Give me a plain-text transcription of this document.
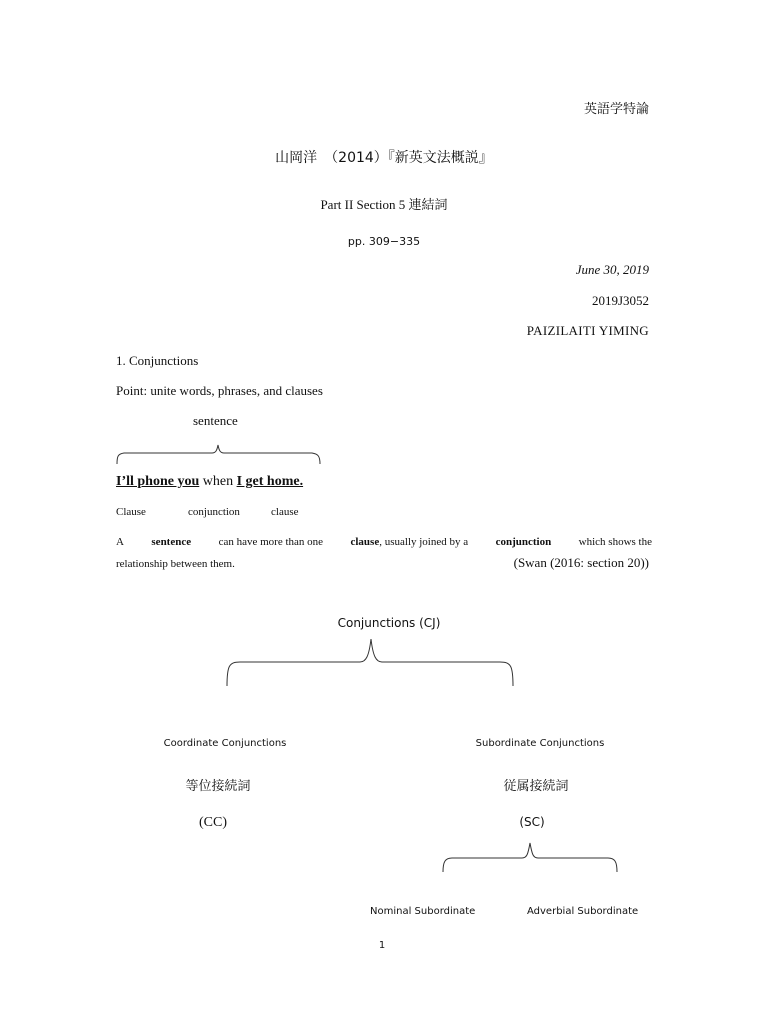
英語学特論
山岡洋　（2014）『新英文法概説』
Part II Section 5 連結詞
pp. 309−335
June 30, 2019
2019J3052
PAIZILAITI YIMING
1. Conjunctions
Point: unite words, phrases, and clauses
sentence
I’ll phone you when I get home.
Clause	conjunction	clause
A sentence can have more than one clause, usually joined by a conjunction which shows the
relationship between them.	(Swan (2016: section 20))
Conjunctions (CJ)
Coordinate Conjunctions
等位接続詞
(CC)
Subordinate Conjunctions
従属接続詞
(SC)
Nominal Subordinate	Adverbial Subordinate
1
